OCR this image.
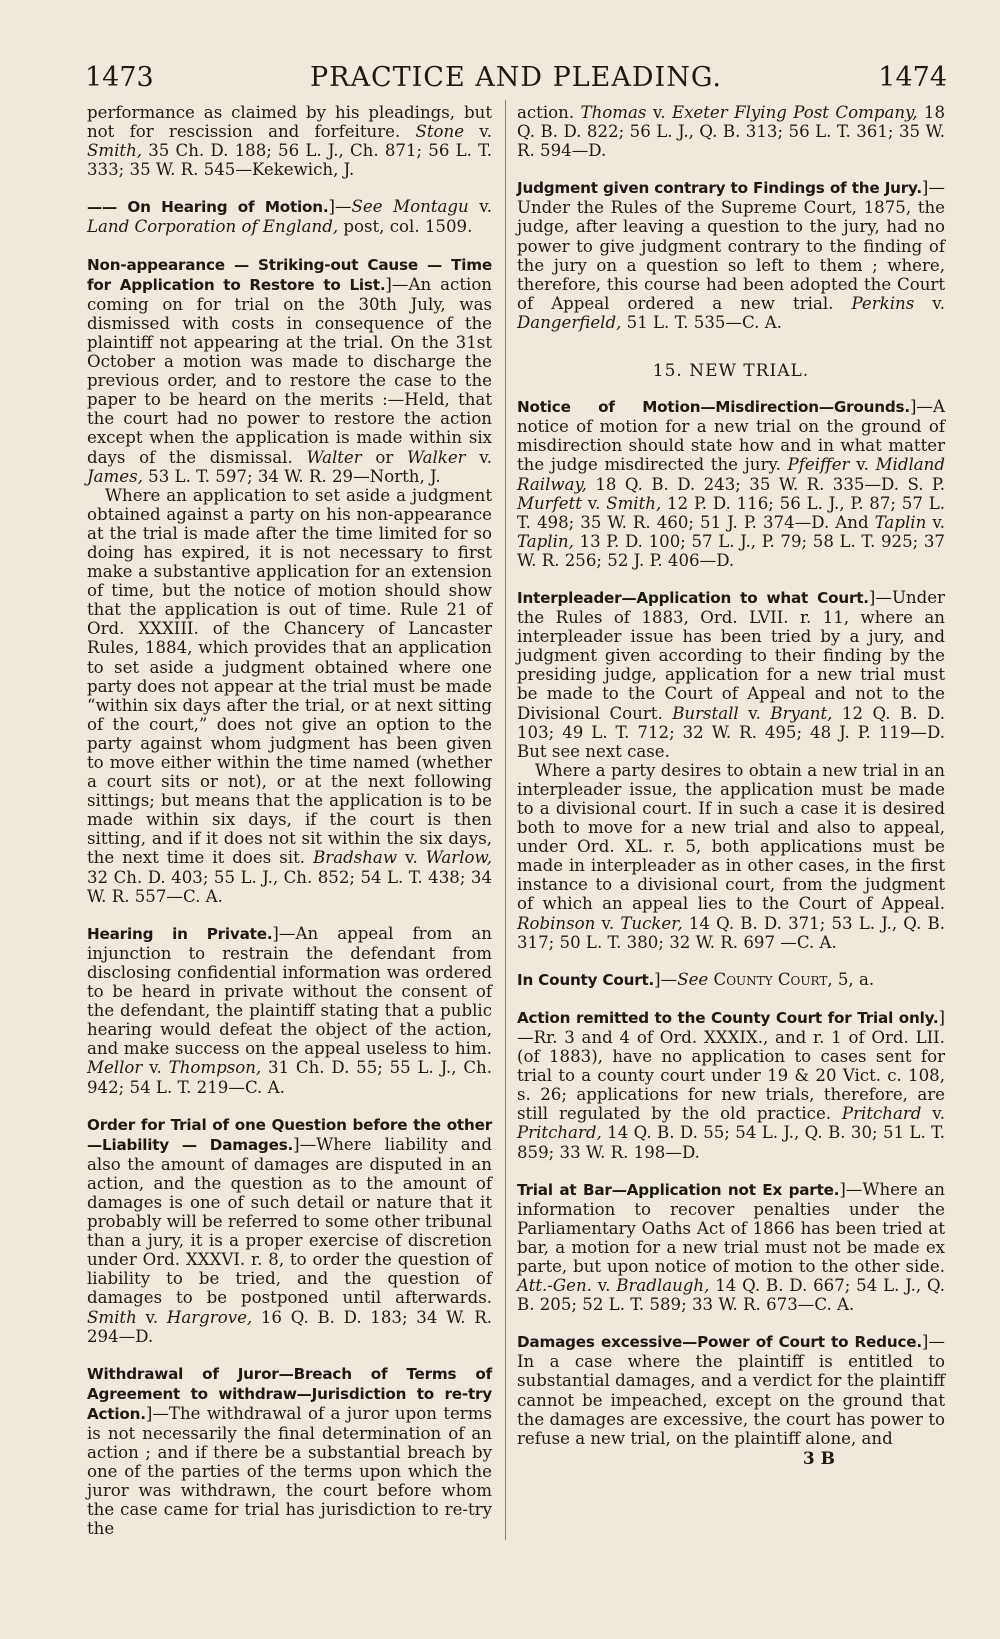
1473	PRACTICE AND PLEADING.	1474

performance as claimed by his pleadings, but not for rescission and forfeiture. Stone v. Smith, 35 Ch. D. 188; 56 L. J., Ch. 871; 56 L. T. 333; 35 W. R. 545—Kekewich, J.

—— On Hearing of Motion.]—See Montagu v. Land Corporation of England, post, col. 1509.

Non-appearance — Striking-out Cause — Time for Application to Restore to List.]—An action coming on for trial on the 30th July, was dismissed with costs in consequence of the plaintiff not appearing at the trial. On the 31st October a motion was made to discharge the previous order, and to restore the case to the paper to be heard on the merits :—Held, that the court had no power to restore the action except when the application is made within six days of the dismissal. Walter or Walker v. James, 53 L. T. 597; 34 W. R. 29—North, J.

Where an application to set aside a judgment obtained against a party on his non-appearance at the trial is made after the time limited for so doing has expired, it is not necessary to first make a substantive application for an extension of time, but the notice of motion should show that the application is out of time. Rule 21 of Ord. XXXIII. of the Chancery of Lancaster Rules, 1884, which provides that an application to set aside a judgment obtained where one party does not appear at the trial must be made “within six days after the trial, or at next sitting of the court,” does not give an option to the party against whom judgment has been given to move either within the time named (whether a court sits or not), or at the next following sittings; but means that the application is to be made within six days, if the court is then sitting, and if it does not sit within the six days, the next time it does sit. Bradshaw v. Warlow, 32 Ch. D. 403; 55 L. J., Ch. 852; 54 L. T. 438; 34 W. R. 557—C. A.

Hearing in Private.]—An appeal from an injunction to restrain the defendant from disclosing confidential information was ordered to be heard in private without the consent of the defendant, the plaintiff stating that a public hearing would defeat the object of the action, and make success on the appeal useless to him. Mellor v. Thompson, 31 Ch. D. 55; 55 L. J., Ch. 942; 54 L. T. 219—C. A.

Order for Trial of one Question before the other—Liability — Damages.]—Where liability and also the amount of damages are disputed in an action, and the question as to the amount of damages is one of such detail or nature that it probably will be referred to some other tribunal than a jury, it is a proper exercise of discretion under Ord. XXXVI. r. 8, to order the question of liability to be tried, and the question of damages to be postponed until afterwards. Smith v. Hargrove, 16 Q. B. D. 183; 34 W. R. 294—D.

Withdrawal of Juror—Breach of Terms of Agreement to withdraw—Jurisdiction to re-try Action.]—The withdrawal of a juror upon terms is not necessarily the final determination of an action ; and if there be a substantial breach by one of the parties of the terms upon which the juror was withdrawn, the court before whom the case came for trial has jurisdiction to re-try the

action. Thomas v. Exeter Flying Post Company, 18 Q. B. D. 822; 56 L. J., Q. B. 313; 56 L. T. 361; 35 W. R. 594—D.

Judgment given contrary to Findings of the Jury.]—Under the Rules of the Supreme Court, 1875, the judge, after leaving a question to the jury, had no power to give judgment contrary to the finding of the jury on a question so left to them ; where, therefore, this course had been adopted the Court of Appeal ordered a new trial. Perkins v. Dangerfield, 51 L. T. 535—C. A.

15. NEW TRIAL.

Notice of Motion—Misdirection—Grounds.]—A notice of motion for a new trial on the ground of misdirection should state how and in what matter the judge misdirected the jury. Pfeiffer v. Midland Railway, 18 Q. B. D. 243; 35 W. R. 335—D. S. P. Murfett v. Smith, 12 P. D. 116; 56 L. J., P. 87; 57 L. T. 498; 35 W. R. 460; 51 J. P. 374—D. And Taplin v. Taplin, 13 P. D. 100; 57 L. J., P. 79; 58 L. T. 925; 37 W. R. 256; 52 J. P. 406—D.

Interpleader—Application to what Court.]—Under the Rules of 1883, Ord. LVII. r. 11, where an interpleader issue has been tried by a jury, and judgment given according to their finding by the presiding judge, application for a new trial must be made to the Court of Appeal and not to the Divisional Court. Burstall v. Bryant, 12 Q. B. D. 103; 49 L. T. 712; 32 W. R. 495; 48 J. P. 119—D. But see next case.

Where a party desires to obtain a new trial in an interpleader issue, the application must be made to a divisional court. If in such a case it is desired both to move for a new trial and also to appeal, under Ord. XL. r. 5, both applications must be made in interpleader as in other cases, in the first instance to a divisional court, from the judgment of which an appeal lies to the Court of Appeal. Robinson v. Tucker, 14 Q. B. D. 371; 53 L. J., Q. B. 317; 50 L. T. 380; 32 W. R. 697 —C. A.

In County Court.]—See County Court, 5, a.

Action remitted to the County Court for Trial only.]—Rr. 3 and 4 of Ord. XXXIX., and r. 1 of Ord. LII. (of 1883), have no application to cases sent for trial to a county court under 19 & 20 Vict. c. 108, s. 26; applications for new trials, therefore, are still regulated by the old practice. Pritchard v. Pritchard, 14 Q. B. D. 55; 54 L. J., Q. B. 30; 51 L. T. 859; 33 W. R. 198—D.

Trial at Bar—Application not Ex parte.]—Where an information to recover penalties under the Parliamentary Oaths Act of 1866 has been tried at bar, a motion for a new trial must not be made ex parte, but upon notice of motion to the other side. Att.-Gen. v. Bradlaugh, 14 Q. B. D. 667; 54 L. J., Q. B. 205; 52 L. T. 589; 33 W. R. 673—C. A.

Damages excessive—Power of Court to Reduce.]—In a case where the plaintiff is entitled to substantial damages, and a verdict for the plaintiff cannot be impeached, except on the ground that the damages are excessive, the court has power to refuse a new trial, on the plaintiff alone, and

3 B
